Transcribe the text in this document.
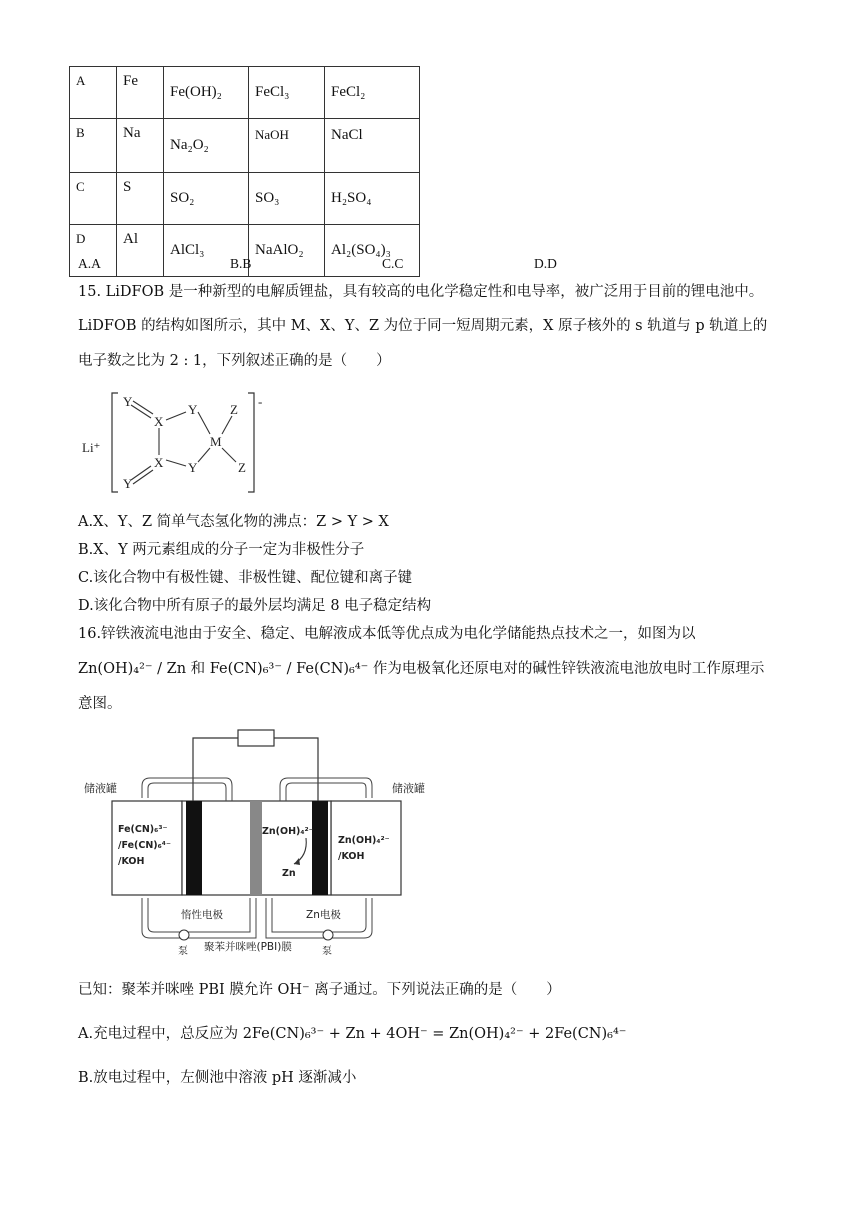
A	Fe	Fe(OH)₂	FeCl₃	FeCl₂
B	Na	Na₂O₂	NaOH	NaCl
C	S	SO₂	SO₃	H₂SO₄
D	Al	AlCl₃	NaAlO₂	Al₂(SO₄)₃
A.A	B.B	C.C	D.D
15. LiDFOB 是一种新型的电解质锂盐，具有较高的电化学稳定性和电导率，被广泛用于目前的锂电池中。
LiDFOB 的结构如图所示，其中 M、X、Y、Z 为位于同一短周期元素，X 原子核外的 s 轨道与 p 轨道上的
电子数之比为 2 : 1，下列叙述正确的是（　　）
Li⁺
-
Y
X
Y
M
Z
X Y
Y
Z
A.X、Y、Z 简单气态氢化物的沸点：Z > Y > X
B.X、Y 两元素组成的分子一定为非极性分子
C.该化合物中有极性键、非极性键、配位键和离子键
D.该化合物中所有原子的最外层均满足 8 电子稳定结构
16.锌铁液流电池由于安全、稳定、电解液成本低等优点成为电化学储能热点技术之一，如图为以
Zn(OH)₄²⁻ / Zn 和 Fe(CN)₆³⁻ / Fe(CN)₆⁴⁻ 作为电极氧化还原电对的碱性锌铁液流电池放电时工作原理示
意图。
储液罐	储液罐
Fe(CN)₆³⁻
/Fe(CN)₆⁴⁻
/KOH
Zn(OH)₄²⁻
/KOH
Zn(OH)₄²⁻
Zn
泵	泵
惰性电极	Zn电极
聚苯并咪唑(PBI)膜
已知：聚苯并咪唑 PBI 膜允许 OH⁻ 离子通过。下列说法正确的是（　　）
A.充电过程中，总反应为 2Fe(CN)₆³⁻ + Zn + 4OH⁻ = Zn(OH)₄²⁻ + 2Fe(CN)₆⁴⁻
B.放电过程中，左侧池中溶液 pH 逐渐减小
